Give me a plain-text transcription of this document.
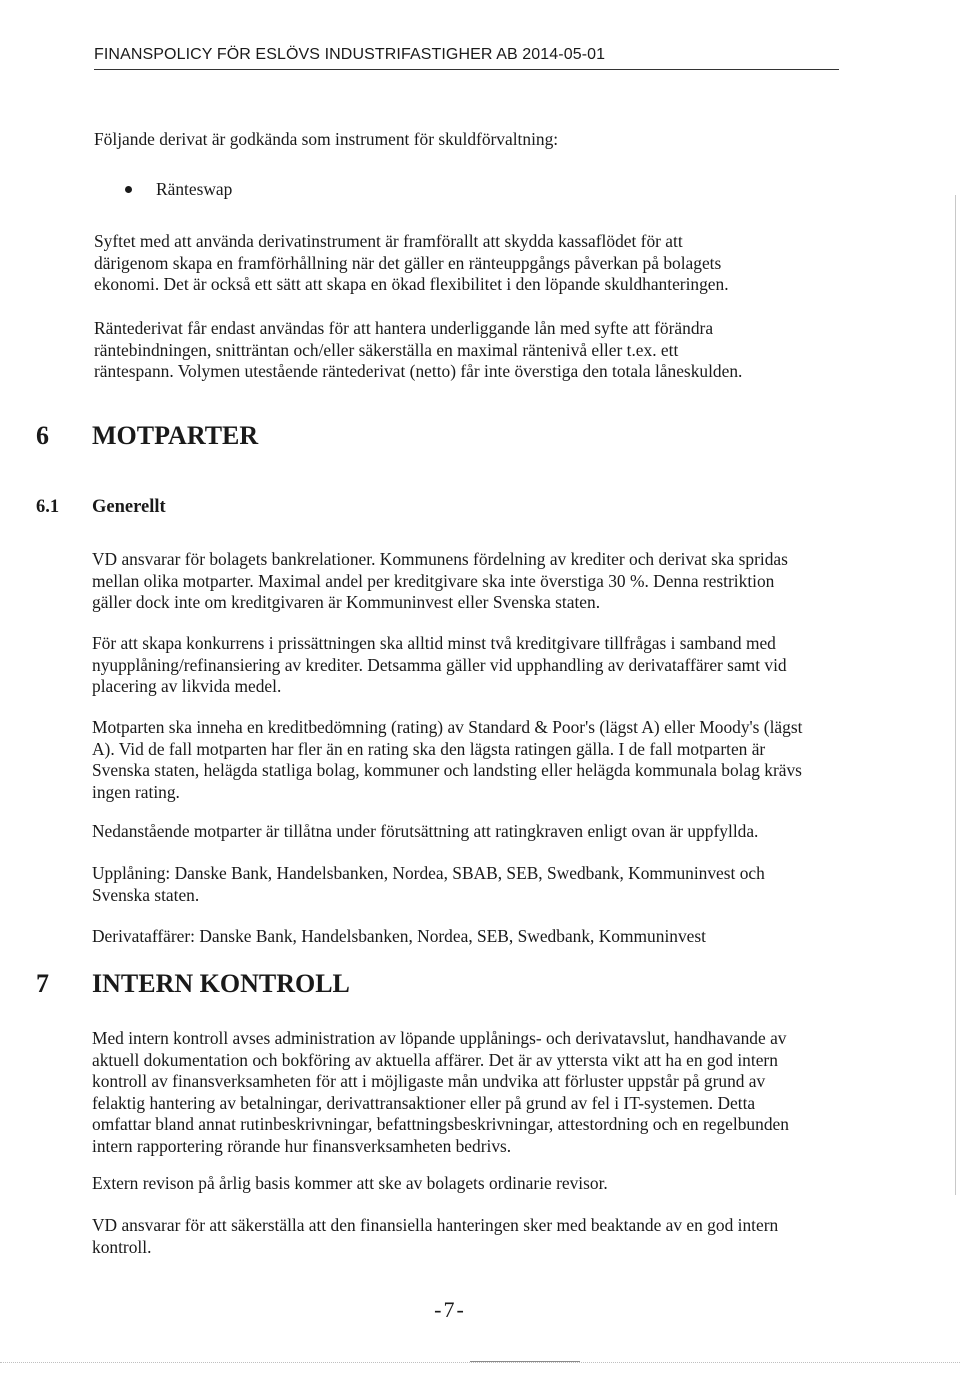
FINANSPOLICY FÖR ESLÖVS INDUSTRIFASTIGHER AB 2014-05-01

Följande derivat är godkända som instrument för skuldförvaltning:

Ränteswap

Syftet med att använda derivatinstrument är framförallt att skydda kassaflödet för att
därigenom skapa en framförhållning när det gäller en ränteuppgångs påverkan på bolagets
ekonomi. Det är också ett sätt att skapa en ökad flexibilitet i den löpande skuldhanteringen.
Räntederivat får endast användas för att hantera underliggande lån med syfte att förändra
räntebindningen, snitträntan och/eller säkerställa en maximal räntenivå eller t.ex. ett
räntespann. Volymen utestående räntederivat (netto) får inte överstiga den totala låneskulden.
6 MOTPARTER
6.1 Generellt
VD ansvarar för bolagets bankrelationer. Kommunens fördelning av krediter och derivat ska spridas
mellan olika motparter. Maximal andel per kreditgivare ska inte överstiga 30 %. Denna restriktion
gäller dock inte om kreditgivaren är Kommuninvest eller Svenska staten.
För att skapa konkurrens i prissättningen ska alltid minst två kreditgivare tillfrågas i samband med
nyupplåning/refinansiering av krediter. Detsamma gäller vid upphandling av derivataffärer samt vid
placering av likvida medel.
Motparten ska inneha en kreditbedömning (rating) av Standard & Poor's (lägst A) eller Moody's (lägst
A). Vid de fall motparten har fler än en rating ska den lägsta ratingen gälla. I de fall motparten är
Svenska staten, helägda statliga bolag, kommuner och landsting eller helägda kommunala bolag krävs
ingen rating.
Nedanstående motparter är tillåtna under förutsättning att ratingkraven enligt ovan är uppfyllda.
Upplåning: Danske Bank, Handelsbanken, Nordea, SBAB, SEB, Swedbank, Kommuninvest och
Svenska staten.
Derivataffärer: Danske Bank, Handelsbanken, Nordea, SEB, Swedbank, Kommuninvest
7 INTERN KONTROLL
Med intern kontroll avses administration av löpande upplånings- och derivatavslut, handhavande av
aktuell dokumentation och bokföring av aktuella affärer. Det är av yttersta vikt att ha en god intern
kontroll av finansverksamheten för att i möjligaste mån undvika att förluster uppstår på grund av
felaktig hantering av betalningar, derivattransaktioner eller på grund av fel i IT-systemen. Detta
omfattar bland annat rutinbeskrivningar, befattningsbeskrivningar, attestordning och en regelbunden
intern rapportering rörande hur finansverksamheten bedrivs.
Extern revison på årlig basis kommer att ske av bolagets ordinarie revisor.
VD ansvarar för att säkerställa att den finansiella hanteringen sker med beaktande av en god intern
kontroll.
-7-
